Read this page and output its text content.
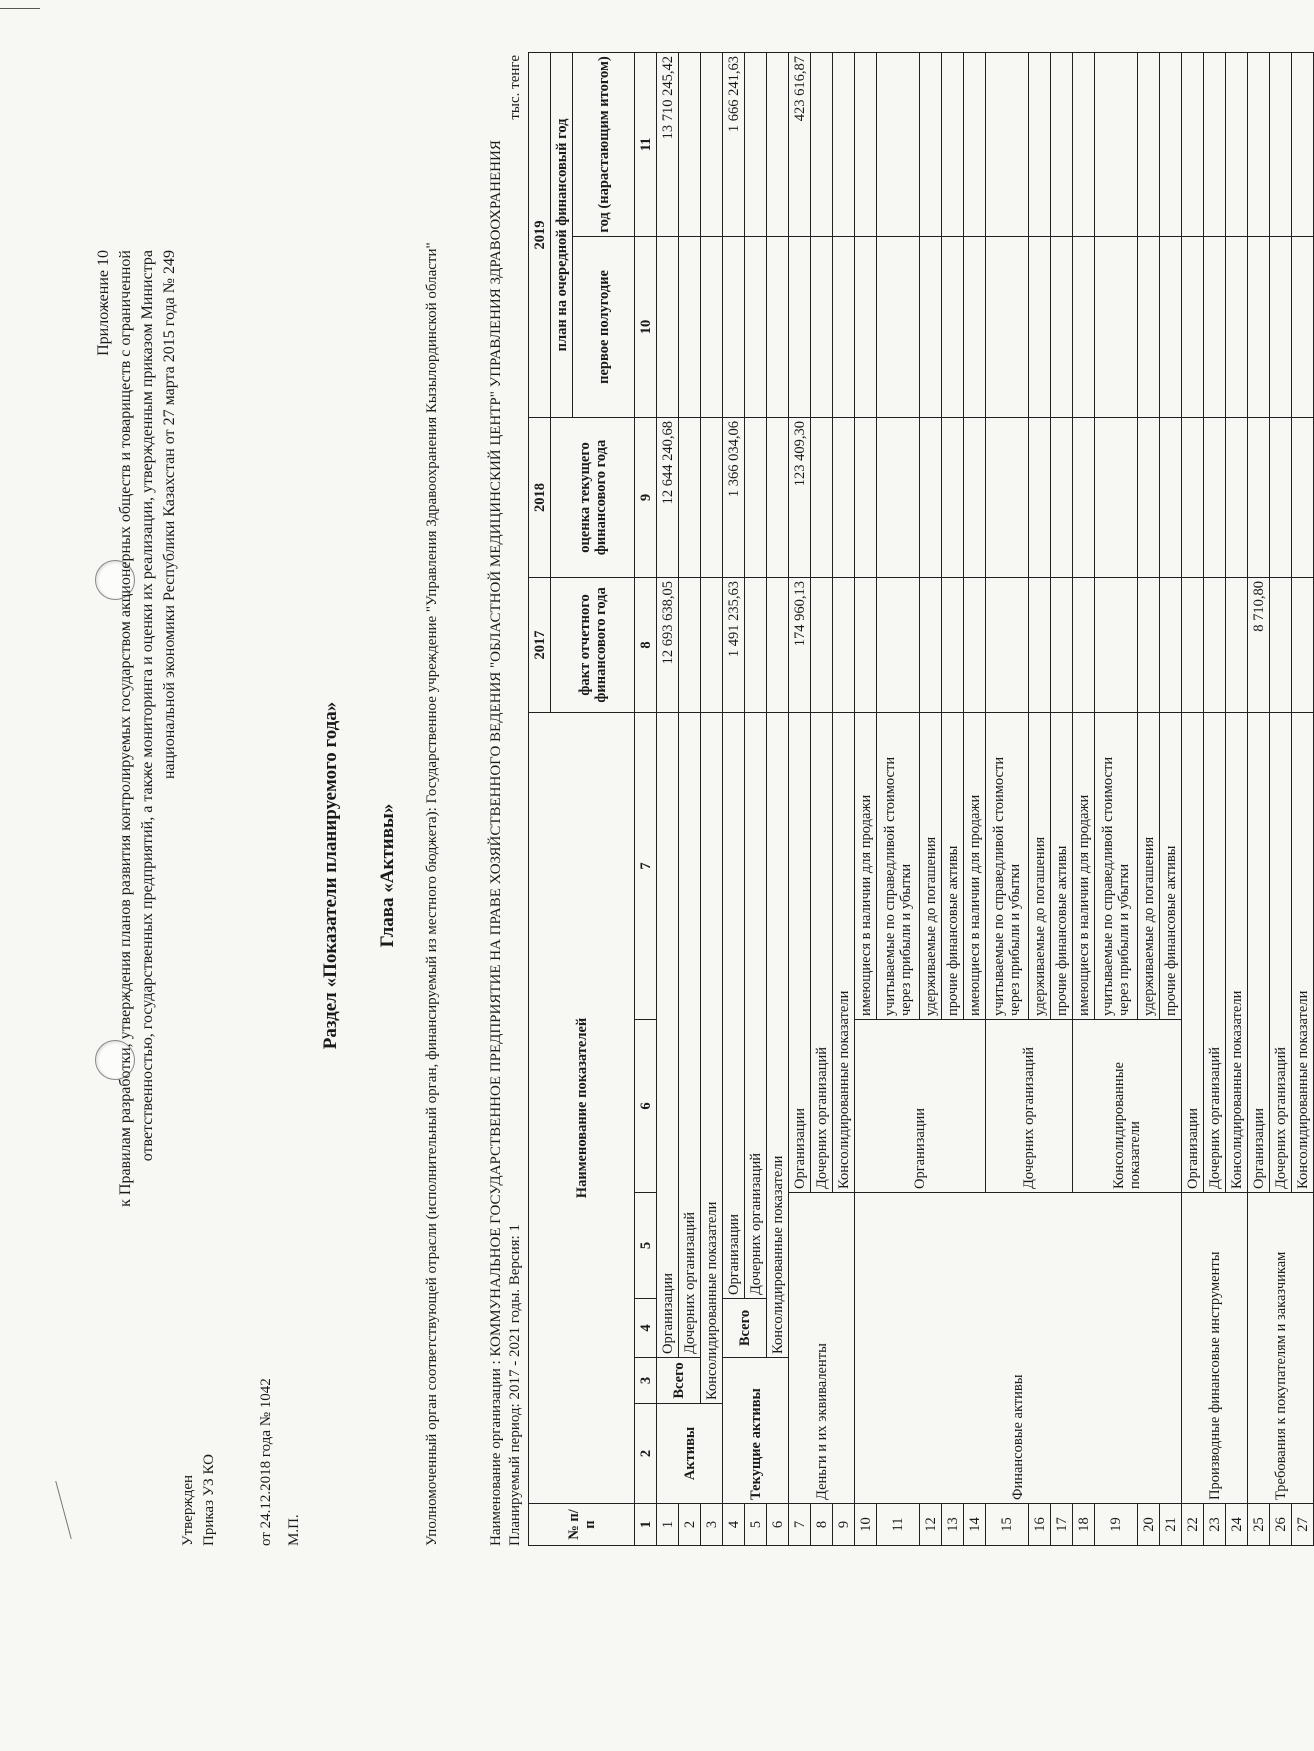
Приложение 10 к Правилам разработки, утверждения планов развития контролируемых государством акционерных обществ и товариществ с ограниченной ответственностью, государственных предприятий, а также мониторинга и оценки их реализации, утвержденным приказом Министра национальной экономики Республики Казахстан от 27 марта 2015 года № 249
Утвержден Приказ УЗ КО	от 24.12.2018 года № 1042 М.П.
Раздел «Показатели планируемого года» Глава «Активы» Уполномоченный орган соответствующей отрасли (исполнительный орган, финансируемый из местного бюджета): Государственное учреждение "Управления Здравоохранения Кызылординской области"	Наименование организации : КОММУНАЛЬНОЕ ГОСУДАРСТВЕННОЕ ПРЕДПРИЯТИЕ НА ПРАВЕ ХОЗЯЙСТВЕННОГО ВЕДЕНИЯ "ОБЛАСТНОЙ МЕДИЦИНСКИЙ ЦЕНТР" УПРАВЛЕНИЯ ЗДРАВООХРАНЕНИЯ Планируемый период: 2017 - 2021 годы. Версия: 1
тыс. тенге
№ п/п	Наименование показателей						2017	2018	2019	
							факт отчетного финансового года	оценка текущего финансового года	план на очередной финансовый год	
									первое полугодие	год (нарастающим итогом)
1	2	3	4	5	6	7	8	9	10	11
1	Активы	Всего	Организации				12 693 638,05	12 644 240,68		13 710 245,42
2			Дочерних организаций							
3		Консолидированные показатели								
4	Текущие активы		Всего	Организации			1 491 235,63	1 366 034,06		1 666 241,63
5				Дочерних организаций						
6			Консолидированные показатели							
7	Деньги и их эквиваленты				Организации		174 960,13	123 409,30		423 616,87
8					Дочерних организаций					
9					Консолидированные показатели					
10	Финансовые активы				Организации	имеющиеся в наличии для продажи				
11						учитываемые по справедливой стоимости
через прибыли и убытки				
12						удерживаемые до погашения				
13						прочие финансовые активы				
14						имеющиеся в наличии для продажи				
15					Дочерних организаций	учитываемые по справедливой стоимости
через прибыли и убытки				
16						удерживаемые до погашения				
17						прочие финансовые активы				
18					Консолидированные показатели	имеющиеся в наличии для продажи				
19						учитываемые по справедливой стоимости
через прибыли и убытки				
20						удерживаемые до погашения				
21						прочие финансовые активы				
22	Производные финансовые инструменты				Организации					
23					Дочерних организаций					
24					Консолидированные показатели					
25	Требования к покупателям и заказчикам				Организации		8 710,80			
26					Дочерних организаций					
27					Консолидированные показатели					
